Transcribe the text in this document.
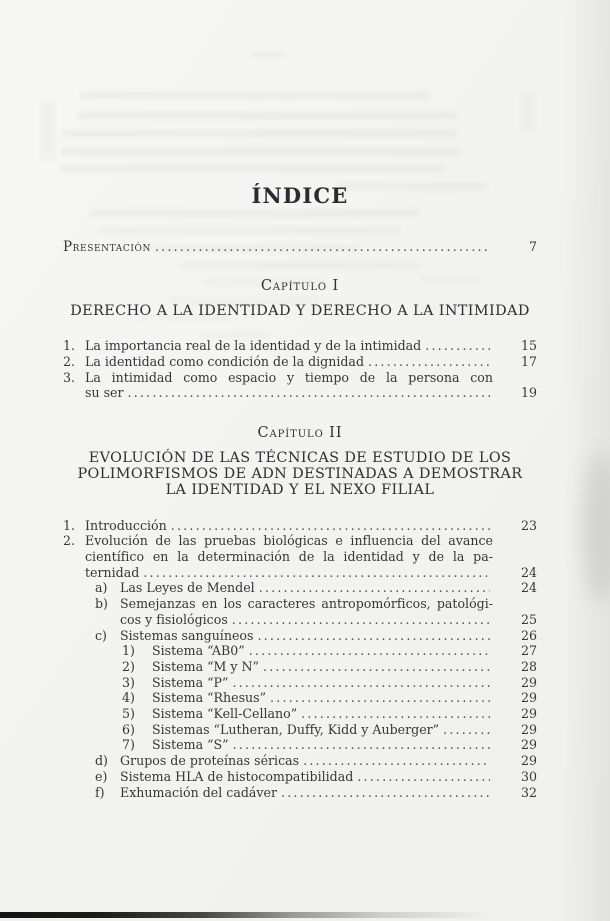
ÍNDICE
Presentación .....	7
Capítulo I
DERECHO A LA IDENTIDAD Y DERECHO A LA INTIMIDAD
1. La importancia real de la identidad y de la intimidad .....	15
2. La identidad como condición de la dignidad .....	17
3. La intimidad como espacio y tiempo de la persona con
su ser .....	19
Capítulo II
EVOLUCIÓN DE LAS TÉCNICAS DE ESTUDIO DE LOS
POLIMORFISMOS DE ADN DESTINADAS A DEMOSTRAR
LA IDENTIDAD Y EL NEXO FILIAL
1. Introducción .....	23
2. Evolución de las pruebas biológicas e influencia del avance
científico en la determinación de la identidad y de la pa-
ternidad .....	24
a) Las Leyes de Mendel .....	24
b) Semejanzas en los caracteres antropomórficos, patológi-
cos y fisiológicos .....	25
c)	Sistemas sanguíneos .....	26
1)	Sistema “AB0” .....	27
2)	Sistema “M y N” .....	28
3)	Sistema “P” .....	29
4)	Sistema “Rhesus” .....	29
5)	Sistema “Kell-Cellano” .....	29
6)	Sistemas “Lutheran, Duffy, Kidd y Auberger” .....	29
7)	Sistema “S” .....	29
d) Grupos de proteínas séricas .....	29
e)	Sistema HLA de histocompatibilidad .....	30
f)	Exhumación del cadáver .....	32
